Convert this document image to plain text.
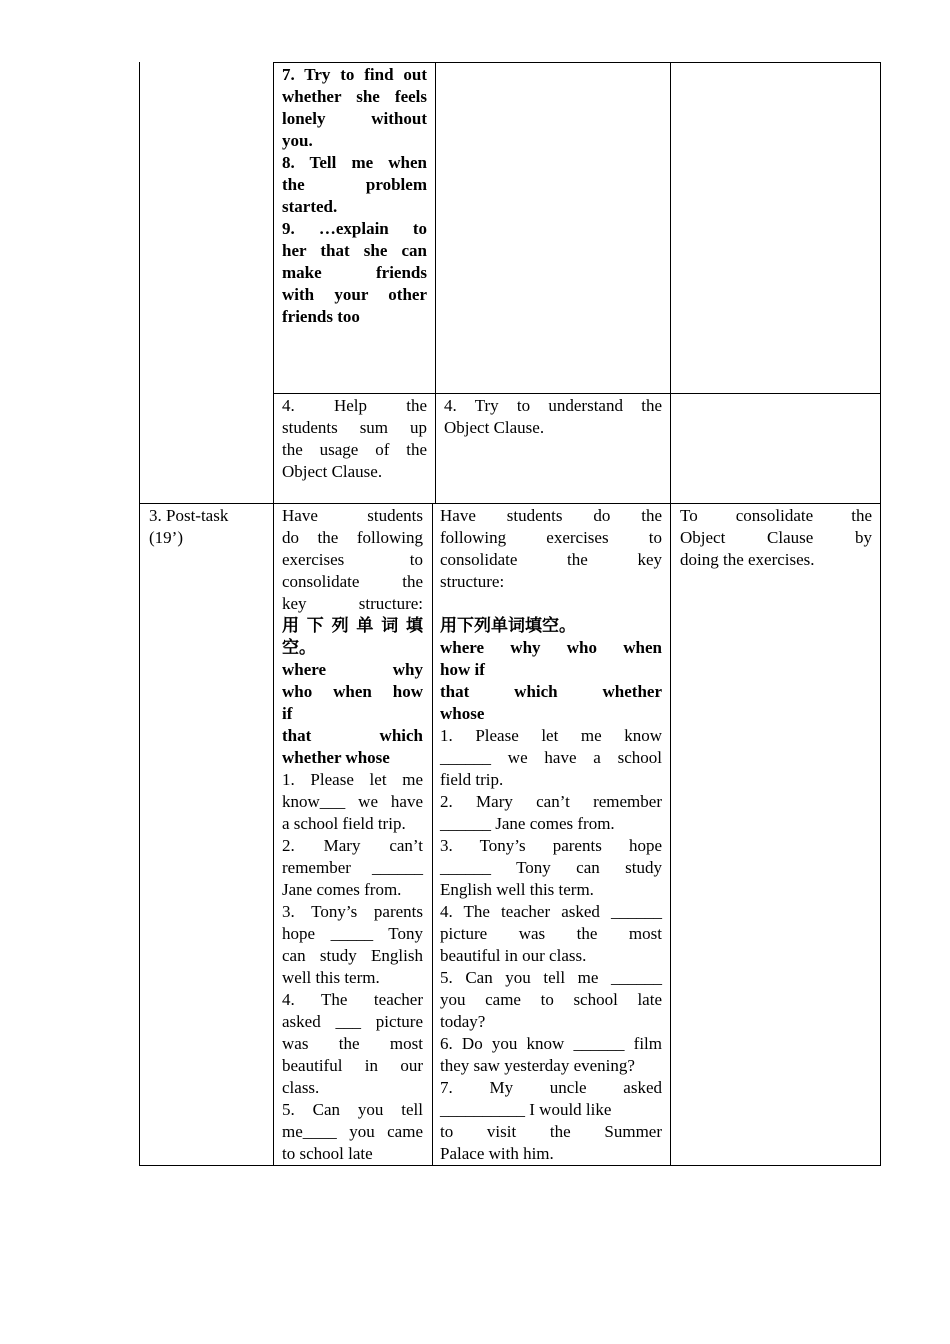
7. Try to find out
whether she feels
lonely without
you.
8. Tell me when
the problem
started.
9. …explain to
her that she can
make friends
with your other
friends too
4. Help the
students sum up
the usage of the
Object Clause.
4. Try to understand the
Object Clause.
3. Post-task
(19’)
Have students
do the following
exercises to
consolidate the
key structure:
用 下 列 单 词 填
空。
where why
who when how
if
that which
whether whose
1. Please let me
know___ we have
a school field trip.
2. Mary can’t
remember ______
Jane comes from.
3. Tony’s parents
hope _____ Tony
can study English
well this term.
4. The teacher
asked ___ picture
was the most
beautiful in our
class.
5. Can you tell
me____ you came
to school late
Have students do the
following exercises to
consolidate the key
structure:

用下列单词填空。
where why who when
how if
that which whether
whose
1. Please let me know
______ we have a school
field trip.
2. Mary can’t remember
______ Jane comes from.
3. Tony’s parents hope
______ Tony can study
English well this term.
4. The teacher asked ______
picture was the most
beautiful in our class.
5. Can you tell me ______
you came to school late
today?
6. Do you know ______ film
they saw yesterday evening?
7. My uncle asked
__________ I would like
to visit the Summer
Palace with him.
To consolidate the
Object Clause by
doing the exercises.
